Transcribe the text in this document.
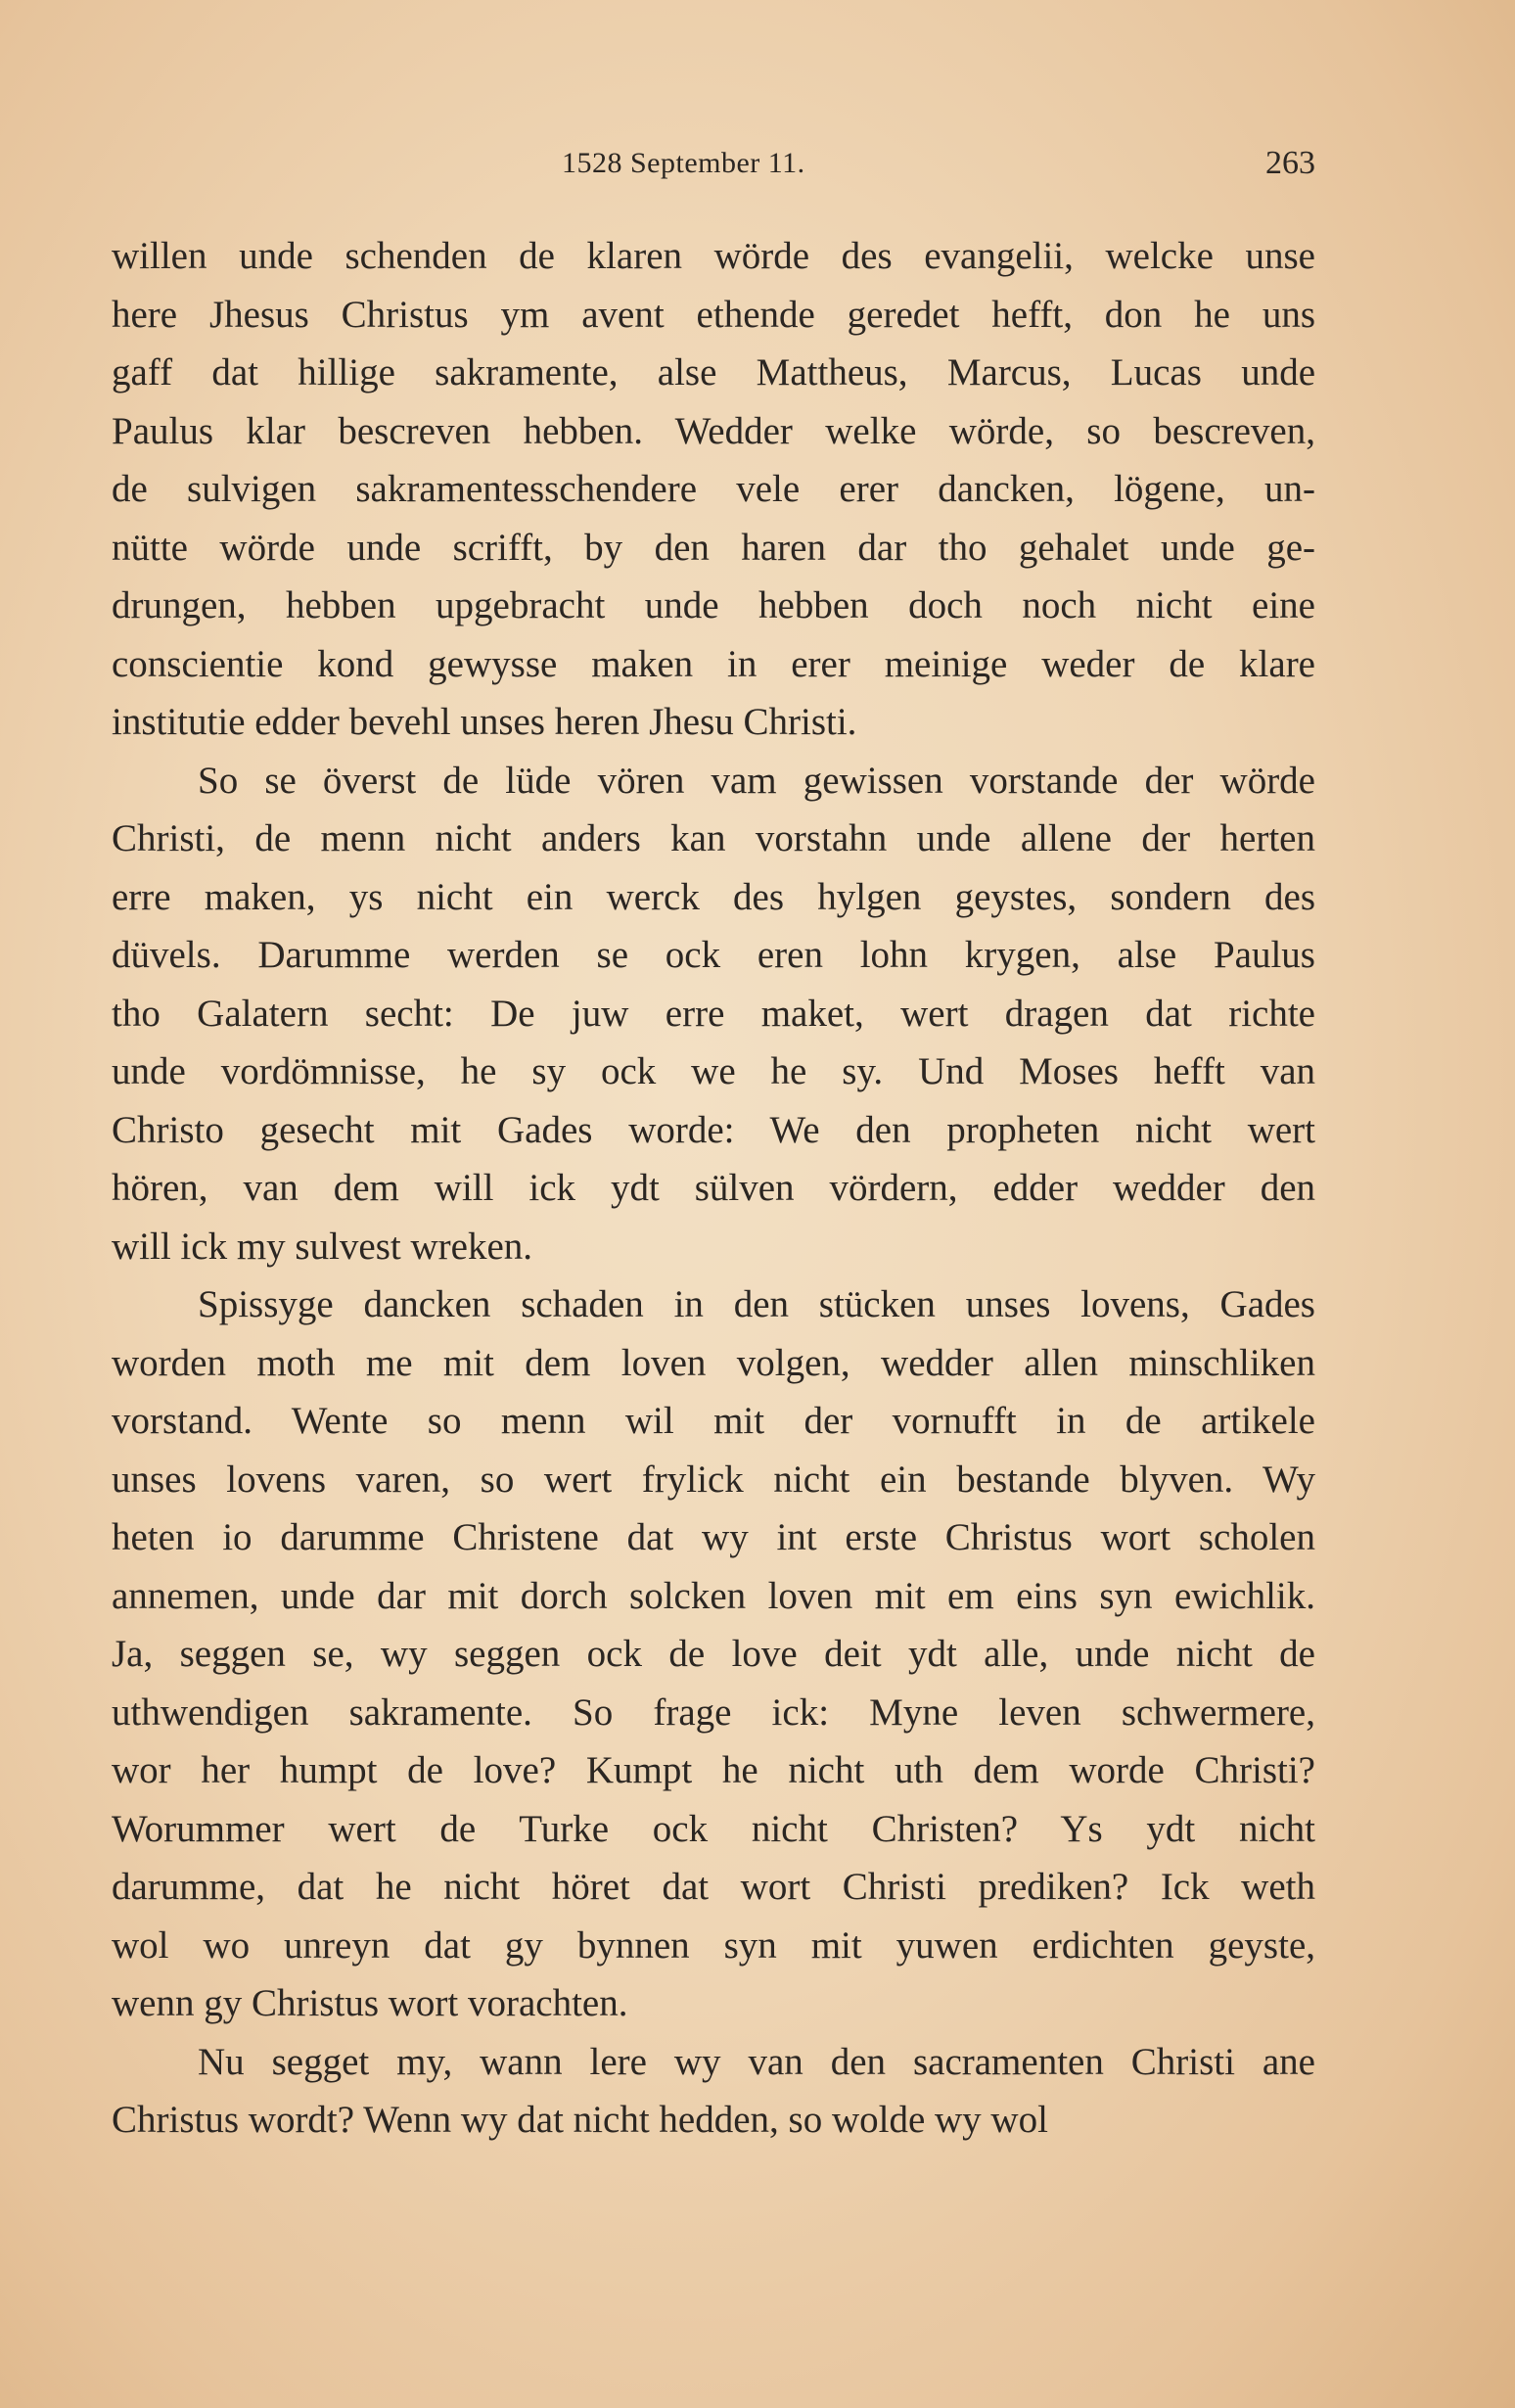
1528 September 11.	263
willen unde schenden de klaren wörde des evangelii, welcke unse
here Jhesus Christus ym avent ethende geredet hefft, don he uns
gaff dat hillige sakramente, alse Mattheus, Marcus, Lucas unde
Paulus klar bescreven hebben. Wedder welke wörde, so bescreven,
de sulvigen sakramentesschendere vele erer dancken, lögene, un-
nütte wörde unde scrifft, by den haren dar tho gehalet unde ge-
drungen, hebben upgebracht unde hebben doch noch nicht eine
conscientie kond gewysse maken in erer meinige weder de klare
institutie edder bevehl unses heren Jhesu Christi.
So se överst de lüde vören vam gewissen vorstande der wörde
Christi, de menn nicht anders kan vorstahn unde allene der herten
erre maken, ys nicht ein werck des hylgen geystes, sondern des
düvels. Darumme werden se ock eren lohn krygen, alse Paulus
tho Galatern secht: De juw erre maket, wert dragen dat richte
unde vordömnisse, he sy ock we he sy. Und Moses hefft van
Christo gesecht mit Gades worde: We den propheten nicht wert
hören, van dem will ick ydt sülven vördern, edder wedder den
will ick my sulvest wreken.
Spissyge dancken schaden in den stücken unses lovens, Gades
worden moth me mit dem loven volgen, wedder allen minschliken
vorstand. Wente so menn wil mit der vornufft in de artikele
unses lovens varen, so wert frylick nicht ein bestande blyven. Wy
heten io darumme Christene dat wy int erste Christus wort scholen
annemen, unde dar mit dorch solcken loven mit em eins syn ewichlik.
Ja, seggen se, wy seggen ock de love deit ydt alle, unde nicht de
uthwendigen sakramente. So frage ick: Myne leven schwermere,
wor her humpt de love? Kumpt he nicht uth dem worde Christi?
Worummer wert de Turke ock nicht Christen? Ys ydt nicht
darumme, dat he nicht höret dat wort Christi prediken? Ick weth
wol wo unreyn dat gy bynnen syn mit yuwen erdichten geyste,
wenn gy Christus wort vorachten.
Nu segget my, wann lere wy van den sacramenten Christi ane
Christus wordt? Wenn wy dat nicht hedden, so wolde wy wol
